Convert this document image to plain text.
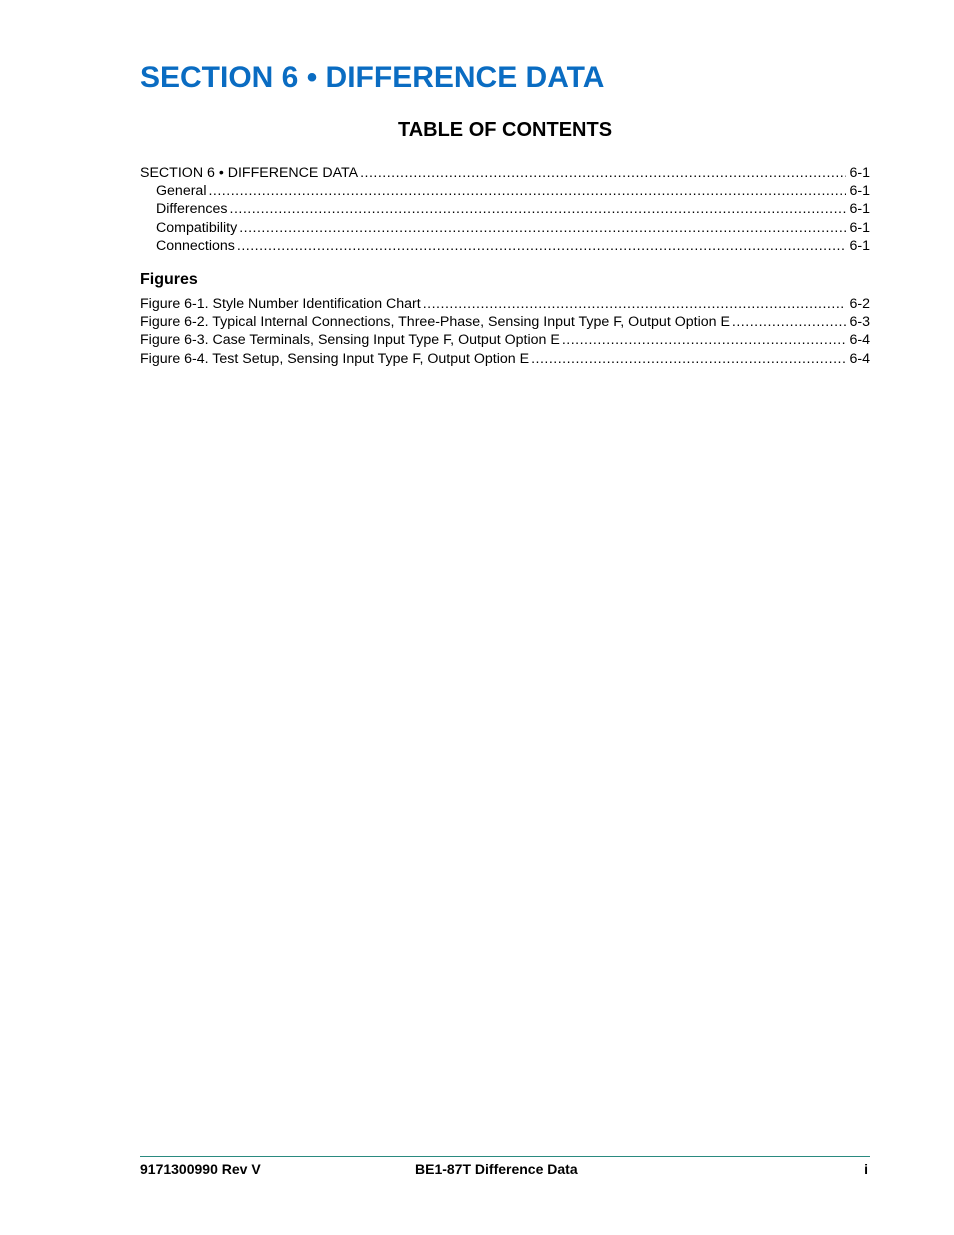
SECTION 6 • DIFFERENCE DATA
TABLE OF CONTENTS
SECTION 6 • DIFFERENCE DATA .....	6-1
General .....	6-1
Differences .....	6-1
Compatibility .....	6-1
Connections .....	6-1
Figures
Figure 6-1. Style Number Identification Chart .....	6-2
Figure 6-2. Typical Internal Connections, Three-Phase, Sensing Input Type F, Output Option E .....	6-3
Figure 6-3. Case Terminals, Sensing Input Type F, Output Option E .....	6-4
Figure 6-4. Test Setup, Sensing Input Type F, Output Option E .....	6-4
9171300990 Rev V	BE1-87T Difference Data	i
